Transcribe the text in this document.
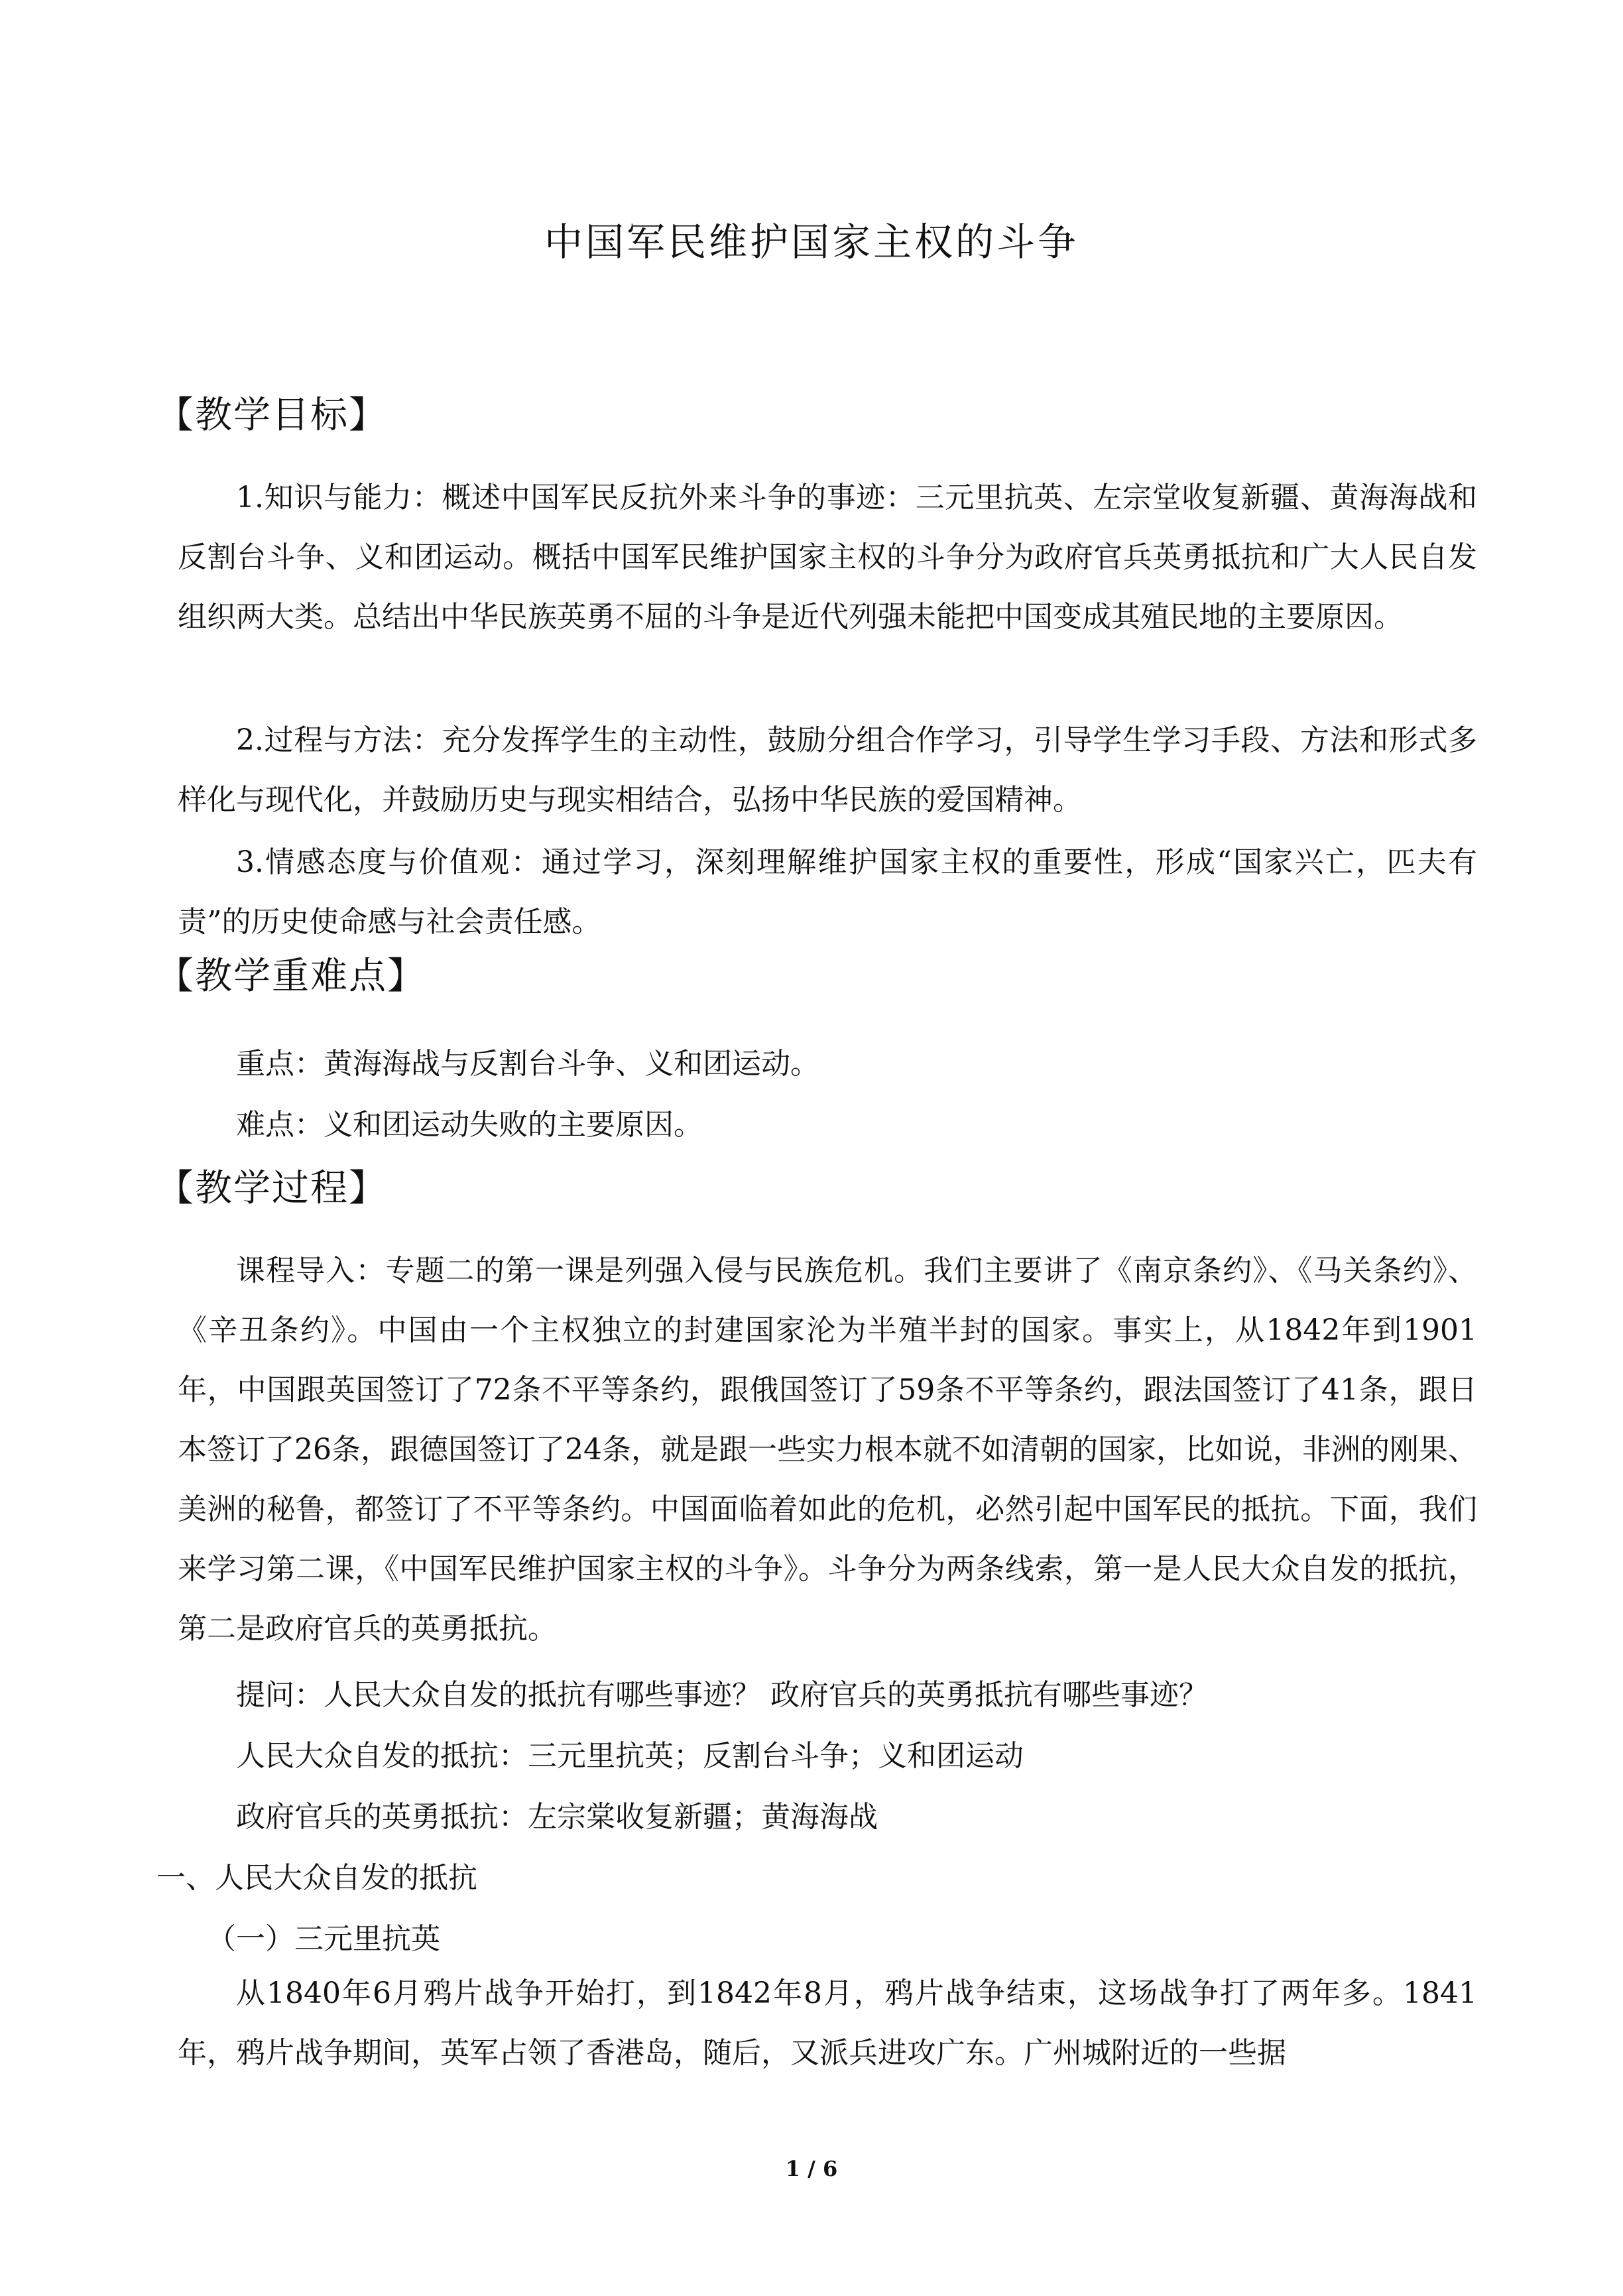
中国军民维护国家主权的斗争
【教学目标】
1.知识与能力：概述中国军民反抗外来斗争的事迹：三元里抗英、左宗堂收复新疆、黄海海战和反割台斗争、义和团运动。概括中国军民维护国家主权的斗争分为政府官兵英勇抵抗和广大人民自发组织两大类。总结出中华民族英勇不屈的斗争是近代列强未能把中国变成其殖民地的主要原因。
2.过程与方法：充分发挥学生的主动性，鼓励分组合作学习，引导学生学习手段、方法和形式多样化与现代化，并鼓励历史与现实相结合，弘扬中华民族的爱国精神。
3.情感态度与价值观：通过学习，深刻理解维护国家主权的重要性，形成“国家兴亡，匹夫有责”的历史使命感与社会责任感。
【教学重难点】
重点：黄海海战与反割台斗争、义和团运动。
难点：义和团运动失败的主要原因。
【教学过程】
课程导入：专题二的第一课是列强入侵与民族危机。我们主要讲了《南京条约》、《马关条约》、《辛丑条约》。中国由一个主权独立的封建国家沦为半殖半封的国家。事实上，从1842年到1901年，中国跟英国签订了72条不平等条约，跟俄国签订了59条不平等条约，跟法国签订了41条，跟日本签订了26条，跟德国签订了24条，就是跟一些实力根本就不如清朝的国家，比如说，非洲的刚果、美洲的秘鲁，都签订了不平等条约。中国面临着如此的危机，必然引起中国军民的抵抗。下面，我们来学习第二课，《中国军民维护国家主权的斗争》。斗争分为两条线索，第一是人民大众自发的抵抗，第二是政府官兵的英勇抵抗。
提问：人民大众自发的抵抗有哪些事迹？ 政府官兵的英勇抵抗有哪些事迹？
人民大众自发的抵抗：三元里抗英；反割台斗争；义和团运动
政府官兵的英勇抵抗：左宗棠收复新疆；黄海海战
一、人民大众自发的抵抗
（一）三元里抗英
从1840年6月鸦片战争开始打，到1842年8月，鸦片战争结束，这场战争打了两年多。1841 年，鸦片战争期间，英军占领了香港岛，随后，又派兵进攻广东。广州城附近的一些据
1 / 6
